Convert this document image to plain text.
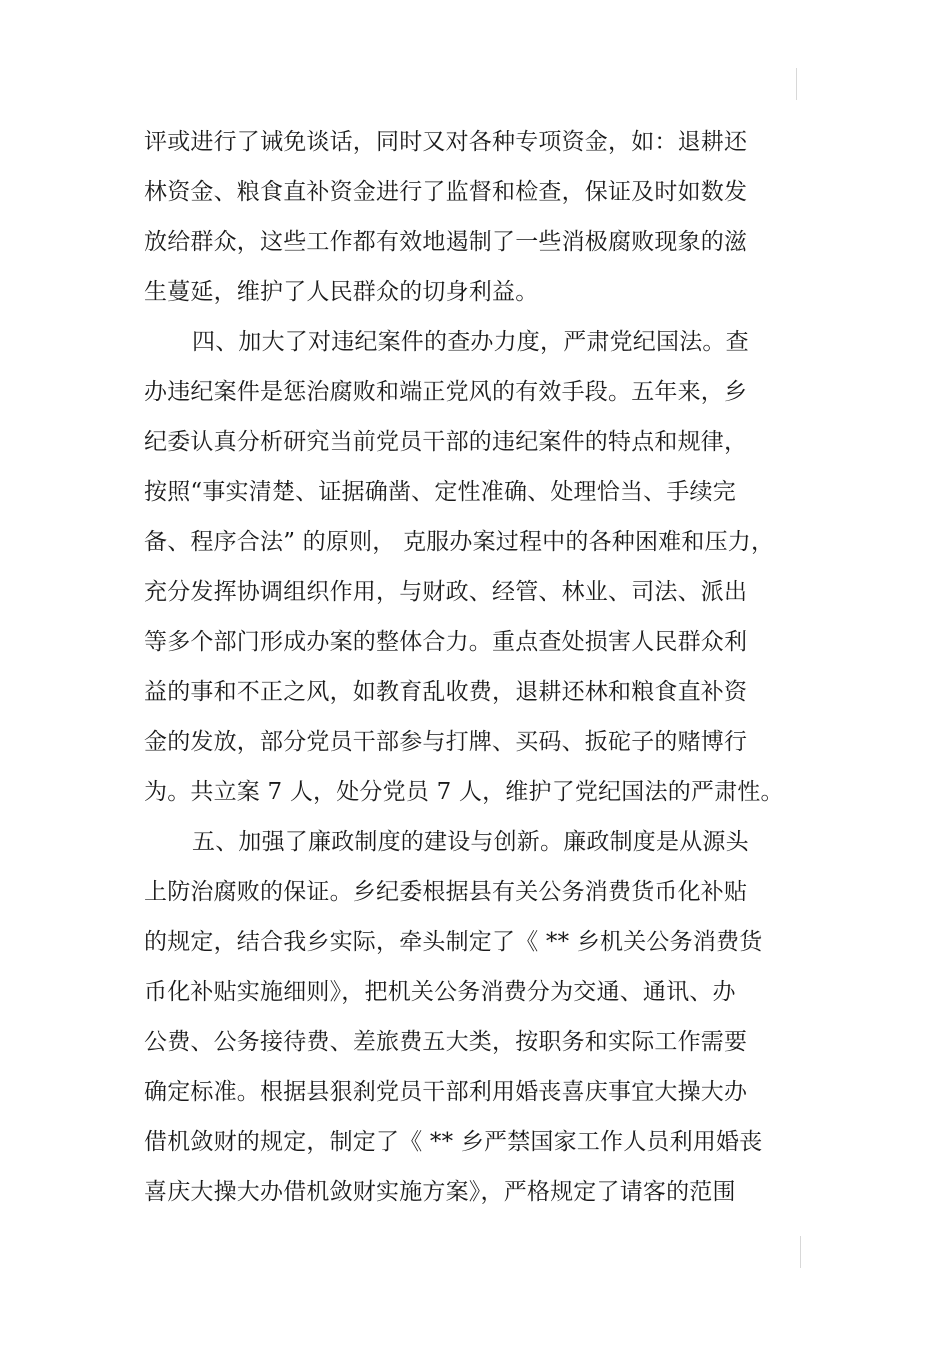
评或进行了诫免谈话，同时又对各种专项资金，如：退耕还
林资金、粮食直补资金进行了监督和检查，保证及时如数发
放给群众，这些工作都有效地遏制了一些消极腐败现象的滋
生蔓延，维护了人民群众的切身利益。
四、加大了对违纪案件的查办力度，严肃党纪国法。查
办违纪案件是惩治腐败和端正党风的有效手段。五年来，乡
纪委认真分析研究当前党员干部的违纪案件的特点和规律，
按照“事实清楚、证据确凿、定性准确、处理恰当、手续完
备、程序合法” 的原则， 克服办案过程中的各种困难和压力，
充分发挥协调组织作用，与财政、经管、林业、司法、派出
等多个部门形成办案的整体合力。重点查处损害人民群众利
益的事和不正之风，如教育乱收费，退耕还林和粮食直补资
金的发放，部分党员干部参与打牌、买码、扳砣子的赌博行
为。共立案 7 人，处分党员 7 人，维护了党纪国法的严肃性。
五、加强了廉政制度的建设与创新。廉政制度是从源头
上防治腐败的保证。乡纪委根据县有关公务消费货币化补贴
的规定，结合我乡实际，牵头制定了《 ** 乡机关公务消费货
币化补贴实施细则》，把机关公务消费分为交通、通讯、办
公费、公务接待费、差旅费五大类，按职务和实际工作需要
确定标准。根据县狠刹党员干部利用婚丧喜庆事宜大操大办
借机敛财的规定，制定了《 ** 乡严禁国家工作人员利用婚丧
喜庆大操大办借机敛财实施方案》，严格规定了请客的范围
